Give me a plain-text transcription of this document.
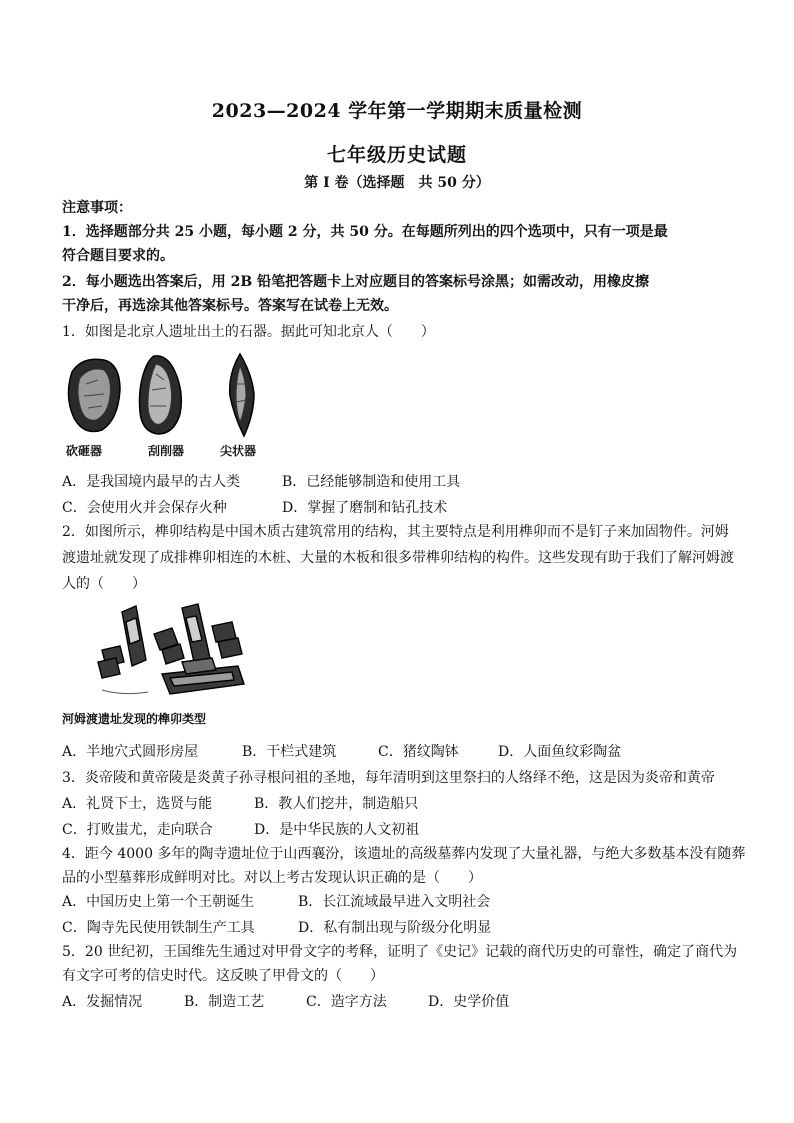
2023—2024 学年第一学期期末质量检测
七年级历史试题
第 I 卷（选择题　共 50 分）
注意事项：
1．选择题部分共 25 小题，每小题 2 分，共 50 分。在每题所列出的四个选项中，只有一项是最
符合题目要求的。
2．每小题选出答案后，用 2B 铅笔把答题卡上对应题目的答案标号涂黑；如需改动，用橡皮擦
干净后，再选涂其他答案标号。答案写在试卷上无效。
1．如图是北京人遗址出土的石器。据此可知北京人（　　）
砍砸器	刮削器	尖状器
A．是我国境内最早的古人类	B．已经能够制造和使用工具
C．会使用火并会保存火种	D．掌握了磨制和钻孔技术
2．如图所示，榫卯结构是中国木质古建筑常用的结构，其主要特点是利用榫卯而不是钉子来加固物件。河姆
渡遗址就发现了成排榫卯相连的木桩、大量的木板和很多带榫卯结构的构件。这些发现有助于我们了解河姆渡
人的（　　）
河姆渡遗址发现的榫卯类型
A．半地穴式圆形房屋	B．干栏式建筑	C．猪纹陶钵	D．人面鱼纹彩陶盆
3．炎帝陵和黄帝陵是炎黄子孙寻根问祖的圣地，每年清明到这里祭扫的人络绎不绝，这是因为炎帝和黄帝
A．礼贤下士，选贤与能	B．教人们挖井，制造船只
C．打败蚩尤，走向联合	D．是中华民族的人文初祖
4．距今 4000 多年的陶寺遗址位于山西襄汾，该遗址的高级墓葬内发现了大量礼器，与绝大多数基本没有随葬
品的小型墓葬形成鲜明对比。对以上考古发现认识正确的是（　　）
A．中国历史上第一个王朝诞生	B．长江流域最早进入文明社会
C．陶寺先民使用铁制生产工具	D．私有制出现与阶级分化明显
5．20 世纪初，王国维先生通过对甲骨文字的考释，证明了《史记》记载的商代历史的可靠性，确定了商代为
有文字可考的信史时代。这反映了甲骨文的（　　）
A．发掘情况	B．制造工艺	C．造字方法	D．史学价值
